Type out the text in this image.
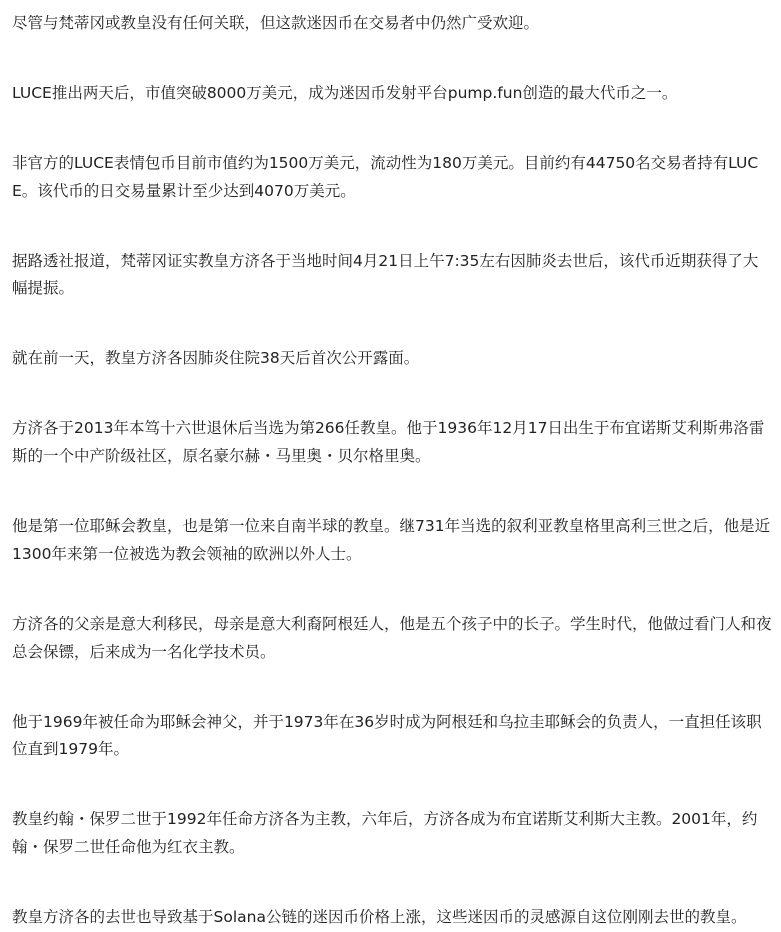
尽管与梵蒂冈或教皇没有任何关联，但这款迷因币在交易者中仍然广受欢迎。

LUCE推出两天后，市值突破8000万美元，成为迷因币发射平台pump.fun创造的最大代币之一。

非官方的LUCE表情包币目前市值约为1500万美元，流动性为180万美元。目前约有44750名交易者持有LUCE。该代币的日交易量累计至少达到4070万美元。

据路透社报道，梵蒂冈证实教皇方济各于当地时间4月21日上午7:35左右因肺炎去世后，该代币近期获得了大幅提振。

就在前一天，教皇方济各因肺炎住院38天后首次公开露面。

方济各于2013年本笃十六世退休后当选为第266任教皇。他于1936年12月17日出生于布宜诺斯艾利斯弗洛雷斯的一个中产阶级社区，原名豪尔赫・马里奥・贝尔格里奥。

他是第一位耶稣会教皇，也是第一位来自南半球的教皇。继731年当选的叙利亚教皇格里高利三世之后，他是近1300年来第一位被选为教会领袖的欧洲以外人士。

方济各的父亲是意大利移民，母亲是意大利裔阿根廷人，他是五个孩子中的长子。学生时代，他做过看门人和夜总会保镖，后来成为一名化学技术员。

他于1969年被任命为耶稣会神父，并于1973年在36岁时成为阿根廷和乌拉圭耶稣会的负责人，一直担任该职位直到1979年。

教皇约翰・保罗二世于1992年任命方济各为主教，六年后，方济各成为布宜诺斯艾利斯大主教。2001年，约翰・保罗二世任命他为红衣主教。

教皇方济各的去世也导致基于Solana公链的迷因币价格上涨，这些迷因币的灵感源自这位刚刚去世的教皇。
